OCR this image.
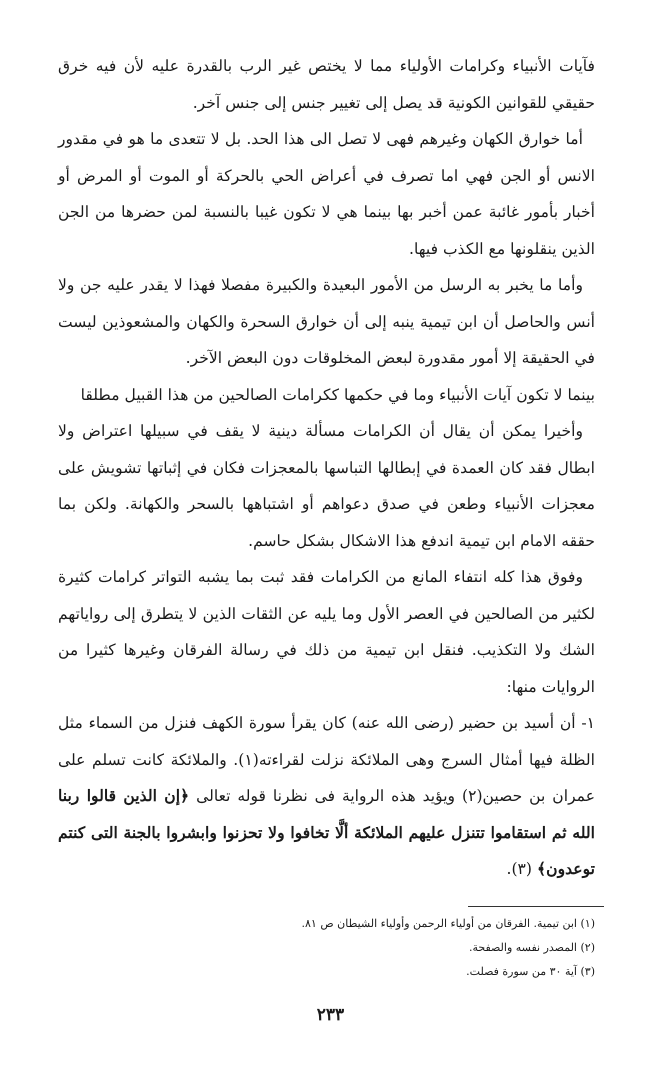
فآيات الأنبياء وكرامات الأولياء مما لا يختص غير الرب بالقدرة عليه لأن فيه خرق حقيقي للقوانين الكونية قد يصل إلى تغيير جنس إلى جنس آخر.

أما خوارق الكهان وغيرهم فهى لا تصل الى هذا الحد. بل لا تتعدى ما هو في مقدور الانس أو الجن فهي اما تصرف في أعراض الحي بالحركة أو الموت أو المرض أو أخبار بأمور غائبة عمن أخبر بها بينما هي لا تكون غيبا بالنسبة لمن حضرها من الجن الذين ينقلونها مع الكذب فيها.

وأما ما يخبر به الرسل من الأمور البعيدة والكبيرة مفصلا فهذا لا يقدر عليه جن ولا أنس والحاصل أن ابن تيمية ينبه إلى أن خوارق السحرة والكهان والمشعوذين ليست في الحقيقة إلا أمور مقدورة لبعض المخلوقات دون البعض الآخر.

بينما لا تكون آيات الأنبياء وما في حكمها ككرامات الصالحين من هذا القبيل مطلقا

وأخيرا يمكن أن يقال أن الكرامات مسألة دينية لا يقف في سبيلها اعتراض ولا ابطال فقد كان العمدة في إبطالها التباسها بالمعجزات فكان في إثباتها تشويش على معجزات الأنبياء وطعن في صدق دعواهم أو اشتباهها بالسحر والكهانة. ولكن بما حققه الامام ابن تيمية اندفع هذا الاشكال بشكل حاسم.

وفوق هذا كله انتفاء المانع من الكرامات فقد ثبت بما يشبه التواتر كرامات كثيرة لكثير من الصالحين في العصر الأول وما يليه عن الثقات الذين لا يتطرق إلى رواياتهم الشك ولا التكذيب. فنقل ابن تيمية من ذلك في رسالة الفرقان وغيرها كثيرا من الروايات منها:

١- أن أسيد بن حضير (رضى الله عنه) كان يقرأ سورة الكهف فنزل من السماء مثل الظلة فيها أمثال السرج وهى الملائكة نزلت لقراءته(١). والملائكة كانت تسلم على عمران بن حصين(٢) ويؤيد هذه الرواية فى نظرنا قوله تعالى ﴿إن الذين قالوا ربنا الله ثم استقاموا تتنزل عليهم الملائكة ألَّا تخافوا ولا تحزنوا وابشروا بالجنة التى كنتم توعدون﴾ (٣).

(١) ابن تيمية. الفرقان من أولياء الرحمن وأولياء الشيطان ص ٨١.
(٢) المصدر نفسه والصفحة.
(٣) آية ٣٠ من سورة فصلت.
٢٣٣
